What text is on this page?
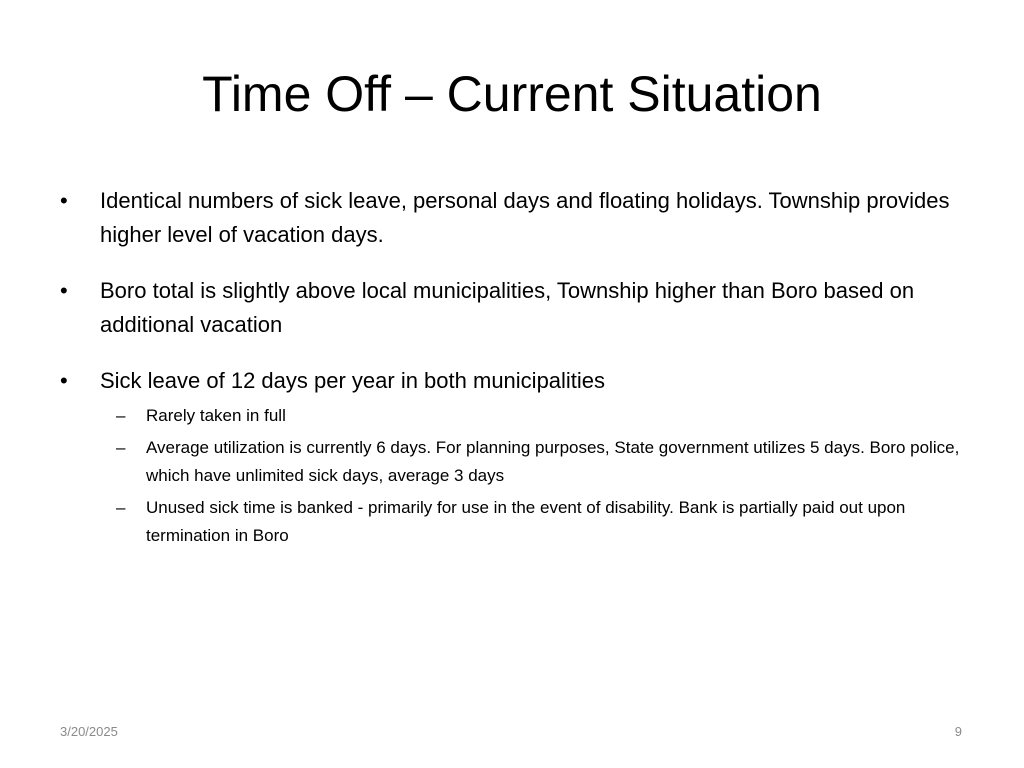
Time Off – Current Situation
• Identical numbers of sick leave, personal days and floating holidays. Township provides higher level of vacation days.
• Boro total is slightly above local municipalities, Township higher than Boro based on additional vacation
• Sick leave of 12 days per year in both municipalities
– Rarely taken in full
– Average utilization is currently 6 days. For planning purposes, State government utilizes 5 days. Boro police, which have unlimited sick days, average 3 days
– Unused sick time is banked - primarily for use in the event of disability. Bank is partially paid out upon termination in Boro
3/20/2025	9
